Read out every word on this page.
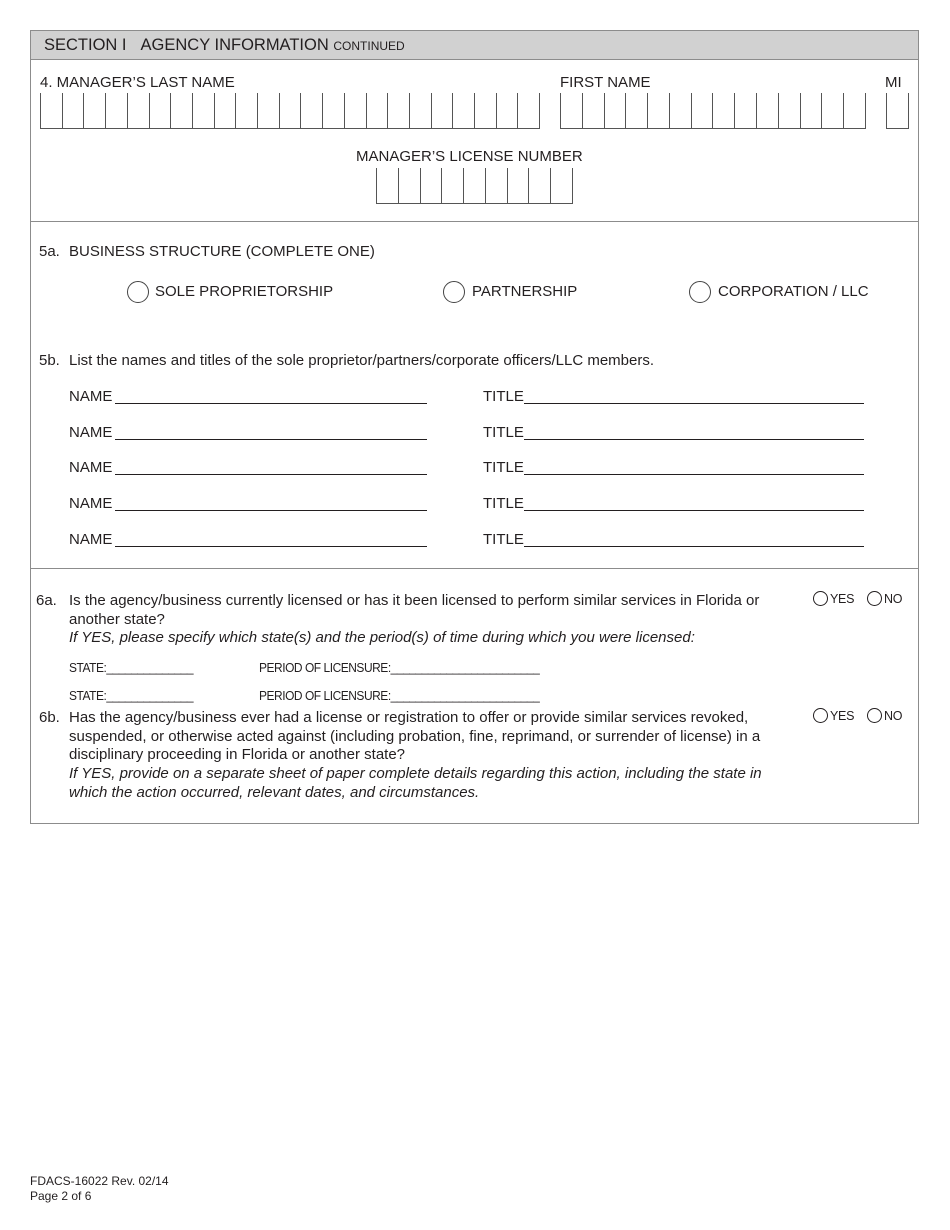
SECTION I AGENCY INFORMATION CONTINUED
4. MANAGER’S LAST NAME	FIRST NAME	MI
MANAGER’S LICENSE NUMBER
5a. BUSINESS STRUCTURE (COMPLETE ONE)
SOLE PROPRIETORSHIP	PARTNERSHIP	CORPORATION / LLC
5b. List the names and titles of the sole proprietor/partners/corporate officers/LLC members.
NAME	TITLE
NAME	TITLE
NAME	TITLE
NAME	TITLE
NAME	TITLE
6a. Is the agency/business currently licensed or has it been licensed to perform similar services in Florida or another state?
If YES, please specify which state(s) and the period(s) of time during which you were licensed:
YES NO
STATE:______________	PERIOD OF LICENSURE:________________________
STATE:______________	PERIOD OF LICENSURE:________________________
6b. Has the agency/business ever had a license or registration to offer or provide similar services revoked, suspended, or otherwise acted against (including probation, fine, reprimand, or surrender of license) in a disciplinary proceeding in Florida or another state?
If YES, provide on a separate sheet of paper complete details regarding this action, including the state in which the action occurred, relevant dates, and circumstances.
YES NO
FDACS-16022 Rev. 02/14
Page 2 of 6
